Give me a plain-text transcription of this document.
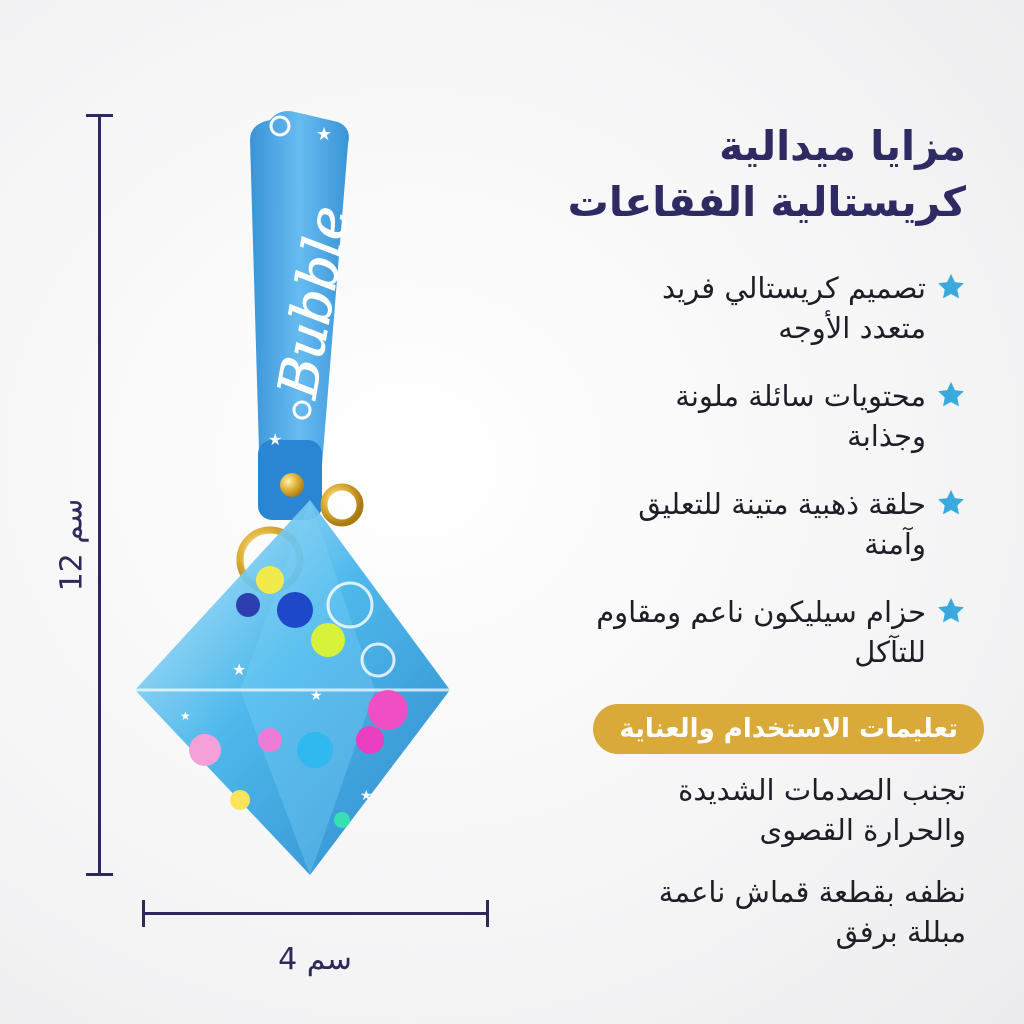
12 سم
4 سم
Bubble
★
★
★
★
★
★
مزايا ميدالية
كريستالية الفقاعات
تصميم كريستالي فريد متعدد الأوجه
محتويات سائلة ملونة وجذابة
حلقة ذهبية متينة للتعليق وآمنة
حزام سيليكون ناعم ومقاوم للتآكل
تعليمات الاستخدام والعناية
تجنب الصدمات الشديدة والحرارة القصوى
نظفه بقطعة قماش ناعمة مبللة برفق
